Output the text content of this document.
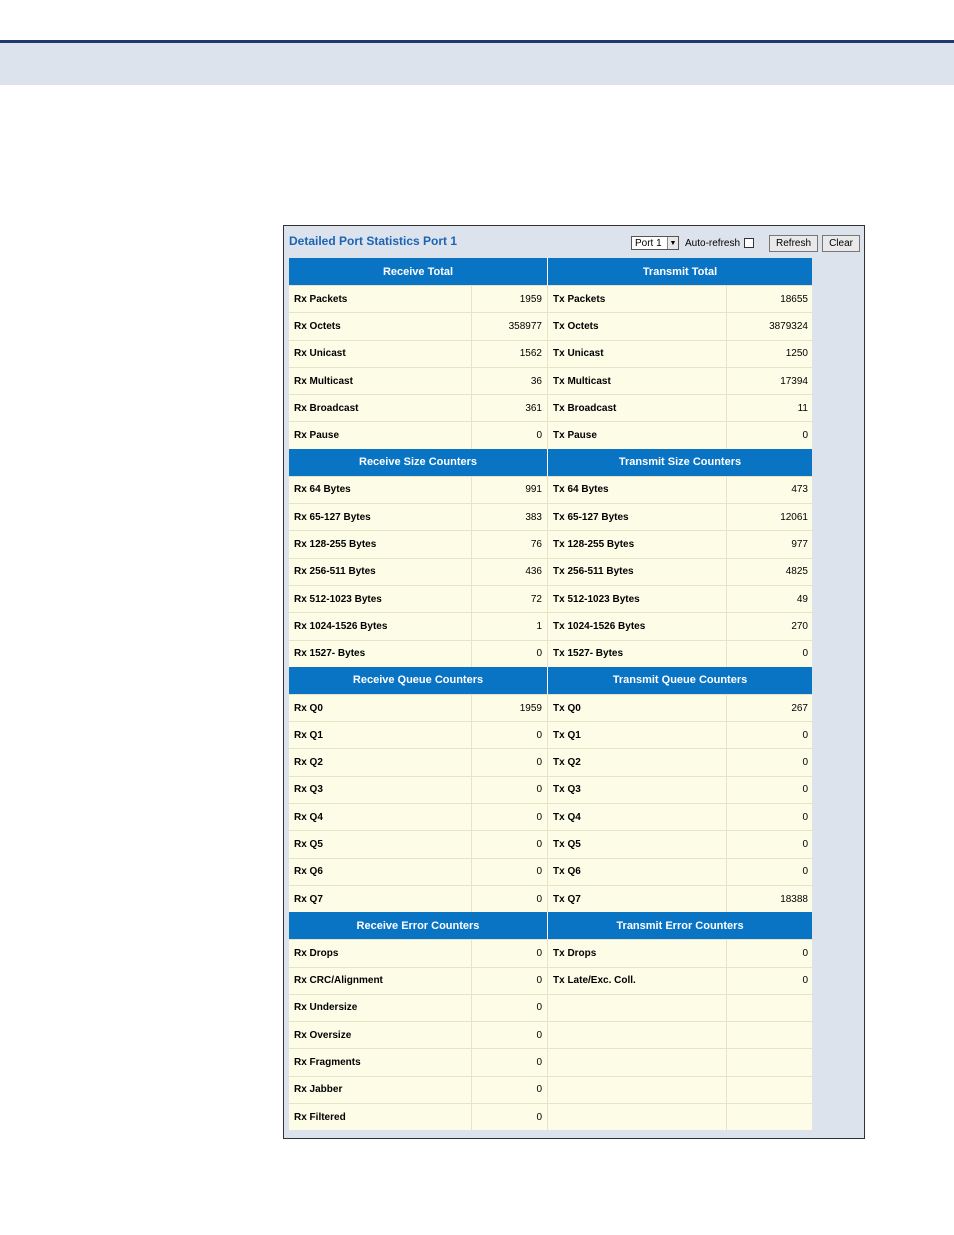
Detailed Port Statistics Port 1	Port 1	▼ Auto-refresh	Refresh	Clear
Receive Total	Transmit Total
Rx Packets	1959	Tx Packets	18655
Rx Octets	358977	Tx Octets	3879324
Rx Unicast	1562	Tx Unicast	1250
Rx Multicast	36	Tx Multicast	17394
Rx Broadcast	361	Tx Broadcast	11
Rx Pause	0	Tx Pause	0
Receive Size Counters	Transmit Size Counters
Rx 64 Bytes	991	Tx 64 Bytes	473
Rx 65-127 Bytes	383	Tx 65-127 Bytes	12061
Rx 128-255 Bytes	76	Tx 128-255 Bytes	977
Rx 256-511 Bytes	436	Tx 256-511 Bytes	4825
Rx 512-1023 Bytes	72	Tx 512-1023 Bytes	49
Rx 1024-1526 Bytes	1	Tx 1024-1526 Bytes	270
Rx 1527- Bytes	0	Tx 1527- Bytes	0
Receive Queue Counters	Transmit Queue Counters
Rx Q0	1959	Tx Q0	267
Rx Q1	0	Tx Q1	0
Rx Q2	0	Tx Q2	0
Rx Q3	0	Tx Q3	0
Rx Q4	0	Tx Q4	0
Rx Q5	0	Tx Q5	0
Rx Q6	0	Tx Q6	0
Rx Q7	0	Tx Q7	18388
Receive Error Counters	Transmit Error Counters
Rx Drops	0	Tx Drops	0
Rx CRC/Alignment	0	Tx Late/Exc. Coll.	0
Rx Undersize	0
Rx Oversize	0
Rx Fragments	0
Rx Jabber	0
Rx Filtered	0
